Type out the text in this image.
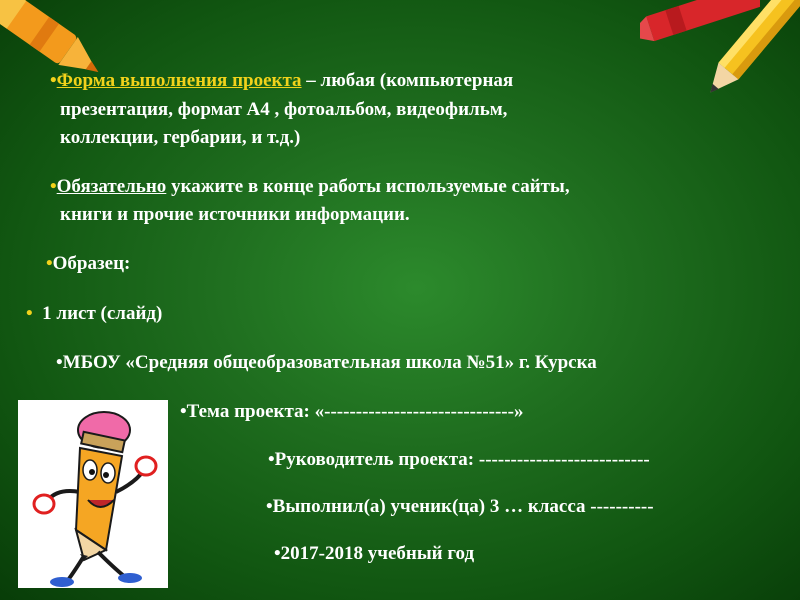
•Форма выполнения проекта – любая (компьютерная
презентация, формат А4 , фотоальбом, видеофильм,
коллекции, гербарии, и т.д.)
•Обязательно укажите в конце работы используемые сайты,
книги и прочие источники информации.
•Образец:
• 1 лист (слайд)
•МБОУ «Средняя общеобразовательная школа №51» г. Курска
•Тема проекта: «------------------------------»
•Руководитель проекта: ---------------------------
•Выполнил(а) ученик(ца) 3 … класса ----------
•2017-2018 учебный год
